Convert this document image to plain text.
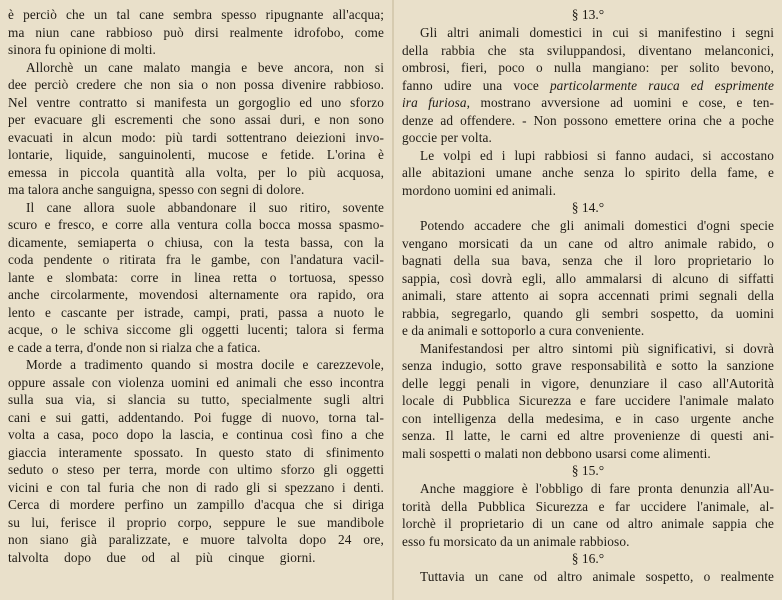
è perciò che un tal cane sembra spesso ripugnante all'acqua;
ma niun cane rabbioso può dirsi realmente idrofobo, come
sinora fu opinione di molti.
Allorchè un cane malato mangia e beve ancora, non si
dee perciò credere che non sia o non possa divenire rabbioso.
Nel ventre contratto si manifesta un gorgoglio ed uno sforzo
per evacuare gli escrementi che sono assai duri, e non sono
evacuati in alcun modo: più tardi sottentrano deiezioni invo-
lontarie, liquide, sanguinolenti, mucose e fetide. L'orina è
emessa in piccola quantità alla volta, per lo più acquosa,
ma talora anche sanguigna, spesso con segni di dolore.
Il cane allora suole abbandonare il suo ritiro, sovente
scuro e fresco, e corre alla ventura colla bocca mossa spasmo-
dicamente, semiaperta o chiusa, con la testa bassa, con la
coda pendente o ritirata fra le gambe, con l'andatura vacil-
lante e slombata: corre in linea retta o tortuosa, spesso
anche circolarmente, movendosi alternamente ora rapido, ora
lento e cascante per istrade, campi, prati, passa a nuoto le
acque, o le schiva siccome gli oggetti lucenti; talora si ferma
e cade a terra, d'onde non si rialza che a fatica.
Morde a tradimento quando si mostra docile e carezzevole,
oppure assale con violenza uomini ed animali che esso incontra
sulla sua via, si slancia su tutto, specialmente sugli altri
cani e sui gatti, addentando. Poi fugge di nuovo, torna tal-
volta a casa, poco dopo la lascia, e continua così fino a che
giaccia interamente spossato. In questo stato di sfinimento
seduto o steso per terra, morde con ultimo sforzo gli oggetti
vicini e con tal furia che non di rado gli si spezzano i denti.
Cerca di mordere perfino un zampillo d'acqua che si diriga
su lui, ferisce il proprio corpo, seppure le sue mandibole
non siano già paralizzate, e muore talvolta dopo 24 ore,
talvolta dopo due od al più cinque giorni.
§ 13.°
Gli altri animali domestici in cui si manifestino i segni
della rabbia che sta sviluppandosi, diventano melanconici,
ombrosi, fieri, poco o nulla mangiano: per solito bevono,
fanno udire una voce particolarmente rauca ed esprimente
ira furiosa, mostrano avversione ad uomini e cose, e ten-
denze ad offendere. - Non possono emettere orina che a poche
goccie per volta.
Le volpi ed i lupi rabbiosi si fanno audaci, si accostano
alle abitazioni umane anche senza lo spirito della fame, e
mordono uomini ed animali.
§ 14.°
Potendo accadere che gli animali domestici d'ogni specie
vengano morsicati da un cane od altro animale rabido, o
bagnati della sua bava, senza che il loro proprietario lo
sappia, così dovrà egli, allo ammalarsi di alcuno di siffatti
animali, stare attento ai sopra accennati primi segnali della
rabbia, segregarlo, quando gli sembri sospetto, da uomini
e da animali e sottoporlo a cura conveniente.
Manifestandosi per altro sintomi più significativi, si dovrà
senza indugio, sotto grave responsabilità e sotto la sanzione
delle leggi penali in vigore, denunziare il caso all'Autorità
locale di Pubblica Sicurezza e fare uccidere l'animale malato
con intelligenza della medesima, e in caso urgente anche
senza. Il latte, le carni ed altre provenienze di questi ani-
mali sospetti o malati non debbono usarsi come alimenti.
§ 15.°
Anche maggiore è l'obbligo di fare pronta denunzia all'Au-
torità della Pubblica Sicurezza e far uccidere l'animale, al-
lorchè il proprietario di un cane od altro animale sappia che
esso fu morsicato da un animale rabbioso.
§ 16.°
Tuttavia un cane od altro animale sospetto, o realmente
